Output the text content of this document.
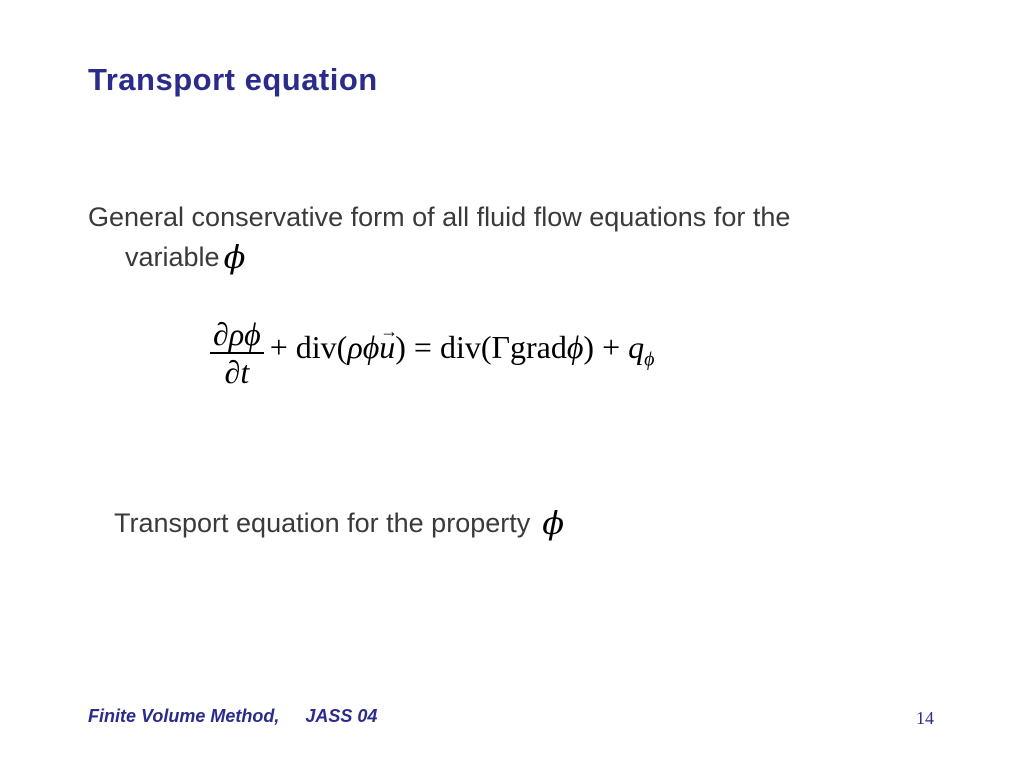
Transport equation
General conservative form of all fluid flow equations for the
variable ϕ
$\frac{\partial\rho\phi}{\partial t} + div(\rho\phi\to u)$ = div(Γgradϕ) + $q_\phi$
Transport equation for the property ϕ
Finite Volume Method, JASS 04	14
